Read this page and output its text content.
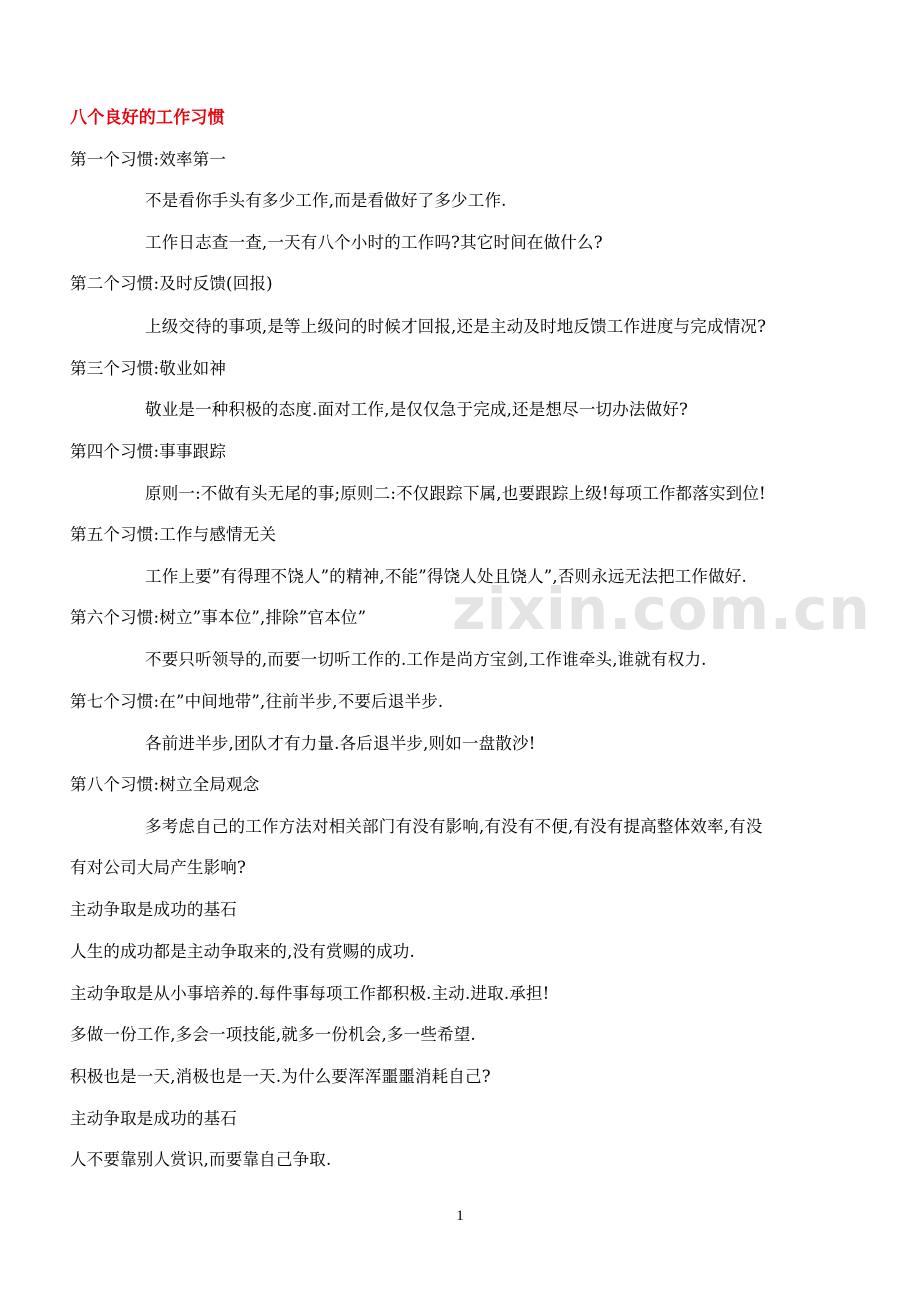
zixin.com.cn
八个良好的工作习惯
第一个习惯:效率第一
不是看你手头有多少工作,而是看做好了多少工作.
工作日志查一查,一天有八个小时的工作吗?其它时间在做什么?
第二个习惯:及时反馈(回报)
上级交待的事项,是等上级问的时候才回报,还是主动及时地反馈工作进度与完成情况?
第三个习惯:敬业如神
敬业是一种积极的态度.面对工作,是仅仅急于完成,还是想尽一切办法做好?
第四个习惯:事事跟踪
原则一:不做有头无尾的事;原则二:不仅跟踪下属,也要跟踪上级!每项工作都落实到位!
第五个习惯:工作与感情无关
工作上要”有得理不饶人”的精神,不能”得饶人处且饶人”,否则永远无法把工作做好.
第六个习惯:树立”事本位”,排除”官本位”
不要只听领导的,而要一切听工作的.工作是尚方宝剑,工作谁牵头,谁就有权力.
第七个习惯:在”中间地带”,往前半步,不要后退半步.
各前进半步,团队才有力量.各后退半步,则如一盘散沙!
第八个习惯:树立全局观念
多考虑自己的工作方法对相关部门有没有影响,有没有不便,有没有提高整体效率,有没
有对公司大局产生影响?
主动争取是成功的基石
人生的成功都是主动争取来的,没有赏赐的成功.
主动争取是从小事培养的.每件事每项工作都积极.主动.进取.承担!
多做一份工作,多会一项技能,就多一份机会,多一些希望.
积极也是一天,消极也是一天.为什么要浑浑噩噩消耗自己?
主动争取是成功的基石
人不要靠别人赏识,而要靠自己争取.
1
